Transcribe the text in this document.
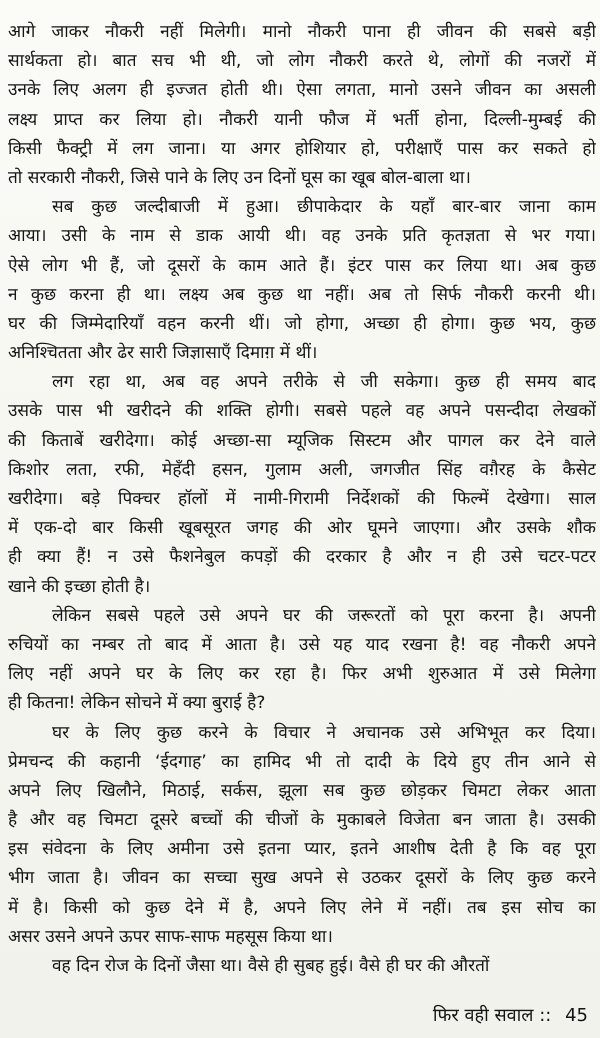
आगे जाकर नौकरी नहीं मिलेगी। मानो नौकरी पाना ही जीवन की सबसे बड़ी
सार्थकता हो। बात सच भी थी, जो लोग नौकरी करते थे, लोगों की नजरों में
उनके लिए अलग ही इज्जत होती थी। ऐसा लगता, मानो उसने जीवन का असली
लक्ष्य प्राप्त कर लिया हो। नौकरी यानी फौज में भर्ती होना, दिल्ली-मुम्बई की
किसी फैक्ट्री में लग जाना। या अगर होशियार हो, परीक्षाएँ पास कर सकते हो
तो सरकारी नौकरी, जिसे पाने के लिए उन दिनों घूस का खूब बोल-बाला था।
सब कुछ जल्दीबाजी में हुआ। छीपाकेदार के यहाँ बार-बार जाना काम
आया। उसी के नाम से डाक आयी थी। वह उनके प्रति कृतज्ञता से भर गया।
ऐसे लोग भी हैं, जो दूसरों के काम आते हैं। इंटर पास कर लिया था। अब कुछ
न कुछ करना ही था। लक्ष्य अब कुछ था नहीं। अब तो सिर्फ नौकरी करनी थी।
घर की जिम्मेदारियाँ वहन करनी थीं। जो होगा, अच्छा ही होगा। कुछ भय, कुछ
अनिश्चितता और ढेर सारी जिज्ञासाएँ दिमाग़ में थीं।
लग रहा था, अब वह अपने तरीके से जी सकेगा। कुछ ही समय बाद
उसके पास भी खरीदने की शक्ति होगी। सबसे पहले वह अपने पसन्दीदा लेखकों
की किताबें खरीदेगा। कोई अच्छा-सा म्यूजिक सिस्टम और पागल कर देने वाले
किशोर लता, रफी, मेहँदी हसन, गुलाम अली, जगजीत सिंह वग़ैरह के कैसेट
खरीदेगा। बड़े पिक्चर हॉलों में नामी-गिरामी निर्देशकों की फिल्में देखेगा। साल
में एक-दो बार किसी खूबसूरत जगह की ओर घूमने जाएगा। और उसके शौक
ही क्या हैं! न उसे फैशनेबुल कपड़ों की दरकार है और न ही उसे चटर-पटर
खाने की इच्छा होती है।
लेकिन सबसे पहले उसे अपने घर की जरूरतों को पूरा करना है। अपनी
रुचियों का नम्बर तो बाद में आता है। उसे यह याद रखना है! वह नौकरी अपने
लिए नहीं अपने घर के लिए कर रहा है। फिर अभी शुरुआत में उसे मिलेगा
ही कितना! लेकिन सोचने में क्या बुराई है?
घर के लिए कुछ करने के विचार ने अचानक उसे अभिभूत कर दिया।
प्रेमचन्द की कहानी ‘ईदगाह’ का हामिद भी तो दादी के दिये हुए तीन आने से
अपने लिए खिलौने, मिठाई, सर्कस, झूला सब कुछ छोड़कर चिमटा लेकर आता
है और वह चिमटा दूसरे बच्चों की चीजों के मुकाबले विजेता बन जाता है। उसकी
इस संवेदना के लिए अमीना उसे इतना प्यार, इतने आशीष देती है कि वह पूरा
भीग जाता है। जीवन का सच्चा सुख अपने से उठकर दूसरों के लिए कुछ करने
में है। किसी को कुछ देने में है, अपने लिए लेने में नहीं। तब इस सोच का
असर उसने अपने ऊपर साफ-साफ महसूस किया था।
वह दिन रोज के दिनों जैसा था। वैसे ही सुबह हुई। वैसे ही घर की औरतों
फिर वही सवाल :: 45
